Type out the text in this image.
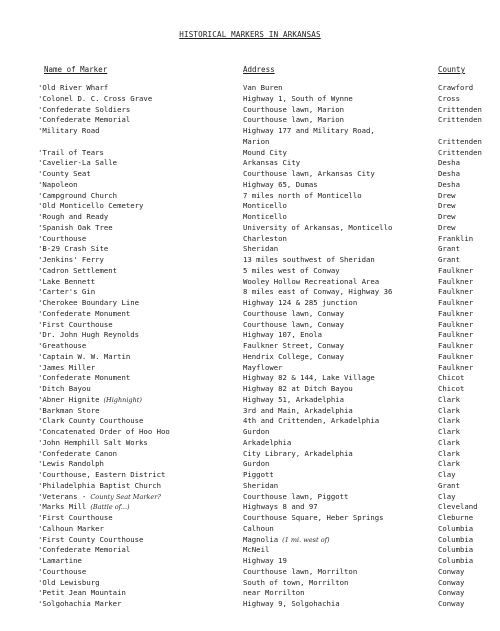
HISTORICAL MARKERS IN ARKANSAS
Name of Marker	Address	County
'Old River Wharf	Van Buren	Crawford
'Colonel D. C. Cross Grave	Highway 1, South of Wynne	Cross
'Confederate Soldiers	Courthouse lawn, Marion	Crittenden
'Confederate Memorial	Courthouse lawn, Marion	Crittenden
'Military Road	Highway 177 and Military Road,
Marion	Crittenden
'Trail of Tears	Mound City	Crittenden
'Cavelier-La Salle	Arkansas City	Desha
'County Seat	Courthouse lawn, Arkansas City	Desha
'Napoleon	Highway 65, Dumas	Desha
'Campground Church	7 miles north of Monticello	Drew
'Old Monticello Cemetery	Monticello	Drew
'Rough and Ready	Monticello	Drew
'Spanish Oak Tree	University of Arkansas, Monticello	Drew
'Courthouse	Charleston	Franklin
'B-29 Crash Site	Sheridan	Grant
'Jenkins' Ferry	13 miles southwest of Sheridan	Grant
'Cadron Settlement	5 miles west of Conway	Faulkner
'Lake Bennett	Wooley Hollow Recreational Area	Faulkner
'Carter's Gin	8 miles east of Conway, Highway 36	Faulkner
'Cherokee Boundary Line	Highway 124 & 285 junction	Faulkner
'Confederate Monument	Courthouse lawn, Conway	Faulkner
'First Courthouse	Courthouse lawn, Conway	Faulkner
'Dr. John Hugh Reynolds	Highway 107, Enola	Faulkner
'Greathouse	Faulkner Street, Conway	Faulkner
'Captain W. W. Martin	Hendrix College, Conway	Faulkner
'James Miller	Mayflower	Faulkner
'Confederate Monument	Highway 82 & 144, Lake Village	Chicot
'Ditch Bayou	Highway 82 at Ditch Bayou	Chicot
'Abner Hignite (Highnight)	Highway 51, Arkadelphia	Clark
'Barkman Store	3rd and Main, Arkadelphia	Clark
'Clark County Courthouse	4th and Crittenden, Arkadelphia	Clark
'Concatenated Order of Hoo Hoo	Gurdon	Clark
'John Hemphill Salt Works	Arkadelphia	Clark
'Confederate Canon	City Library, Arkadelphia	Clark
'Lewis Randolph	Gurdon	Clark
'Courthouse, Eastern District	Piggott	Clay
'Philadelphia Baptist Church	Sheridan	Grant
'Veterans - County Seat Marker?	Courthouse lawn, Piggott	Clay
'Marks Mill (Battle of...)	Highways 8 and 97	Cleveland
'First Courthouse	Courthouse Square, Heber Springs	Cleburne
'Calhoun Marker	Calhoun	Columbia
'First County Courthouse	Magnolia (1 mi. west of)	Columbia
'Confederate Memorial	McNeil	Columbia
'Lamartine	Highway 19	Columbia
'Courthouse	Courthouse lawn, Morrilton	Conway
'Old Lewisburg	South of town, Morrilton	Conway
'Petit Jean Mountain	near Morrilton	Conway
'Solgohachia Marker	Highway 9, Solgohachia	Conway
